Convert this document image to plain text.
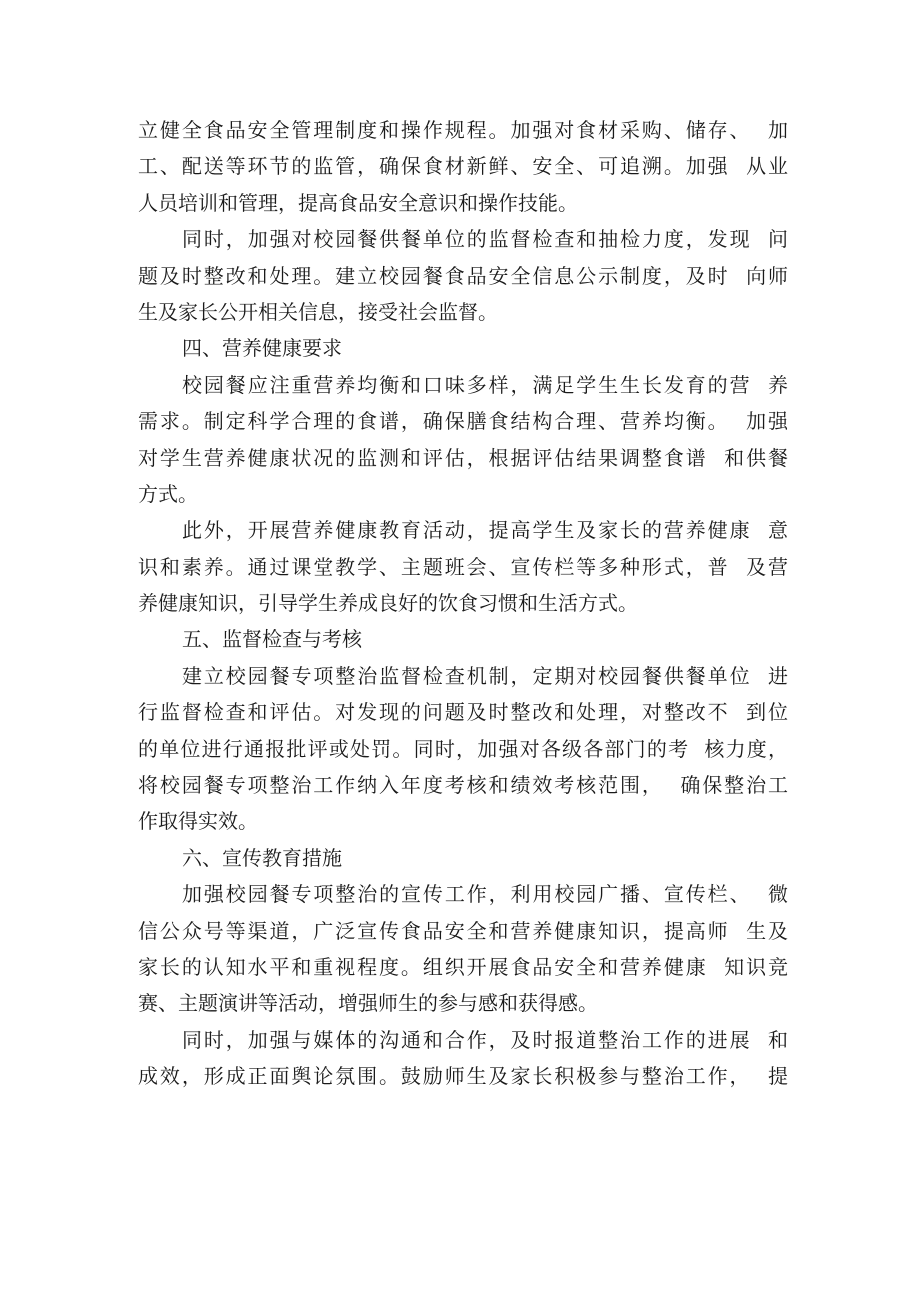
立健全食品安全管理制度和操作规程。加强对食材采购、储存、  加
工、配送等环节的监管，确保食材新鲜、安全、可追溯。加强  从业
人员培训和管理，提高食品安全意识和操作技能。
同时，加强对校园餐供餐单位的监督检查和抽检力度，发现  问
题及时整改和处理。建立校园餐食品安全信息公示制度，及时  向师
生及家长公开相关信息，接受社会监督。
四、营养健康要求
校园餐应注重营养均衡和口味多样，满足学生生长发育的营  养
需求。制定科学合理的食谱，确保膳食结构合理、营养均衡。  加强
对学生营养健康状况的监测和评估，根据评估结果调整食谱  和供餐
方式。
此外，开展营养健康教育活动，提高学生及家长的营养健康  意
识和素养。通过课堂教学、主题班会、宣传栏等多种形式，普  及营
养健康知识，引导学生养成良好的饮食习惯和生活方式。
五、监督检查与考核
建立校园餐专项整治监督检查机制，定期对校园餐供餐单位  进
行监督检查和评估。对发现的问题及时整改和处理，对整改不  到位
的单位进行通报批评或处罚。同时，加强对各级各部门的考  核力度，
将校园餐专项整治工作纳入年度考核和绩效考核范围，  确保整治工
作取得实效。
六、宣传教育措施
加强校园餐专项整治的宣传工作，利用校园广播、宣传栏、  微
信公众号等渠道，广泛宣传食品安全和营养健康知识，提高师  生及
家长的认知水平和重视程度。组织开展食品安全和营养健康  知识竞
赛、主题演讲等活动，增强师生的参与感和获得感。
同时，加强与媒体的沟通和合作，及时报道整治工作的进展  和
成效，形成正面舆论氛围。鼓励师生及家长积极参与整治工作，  提
